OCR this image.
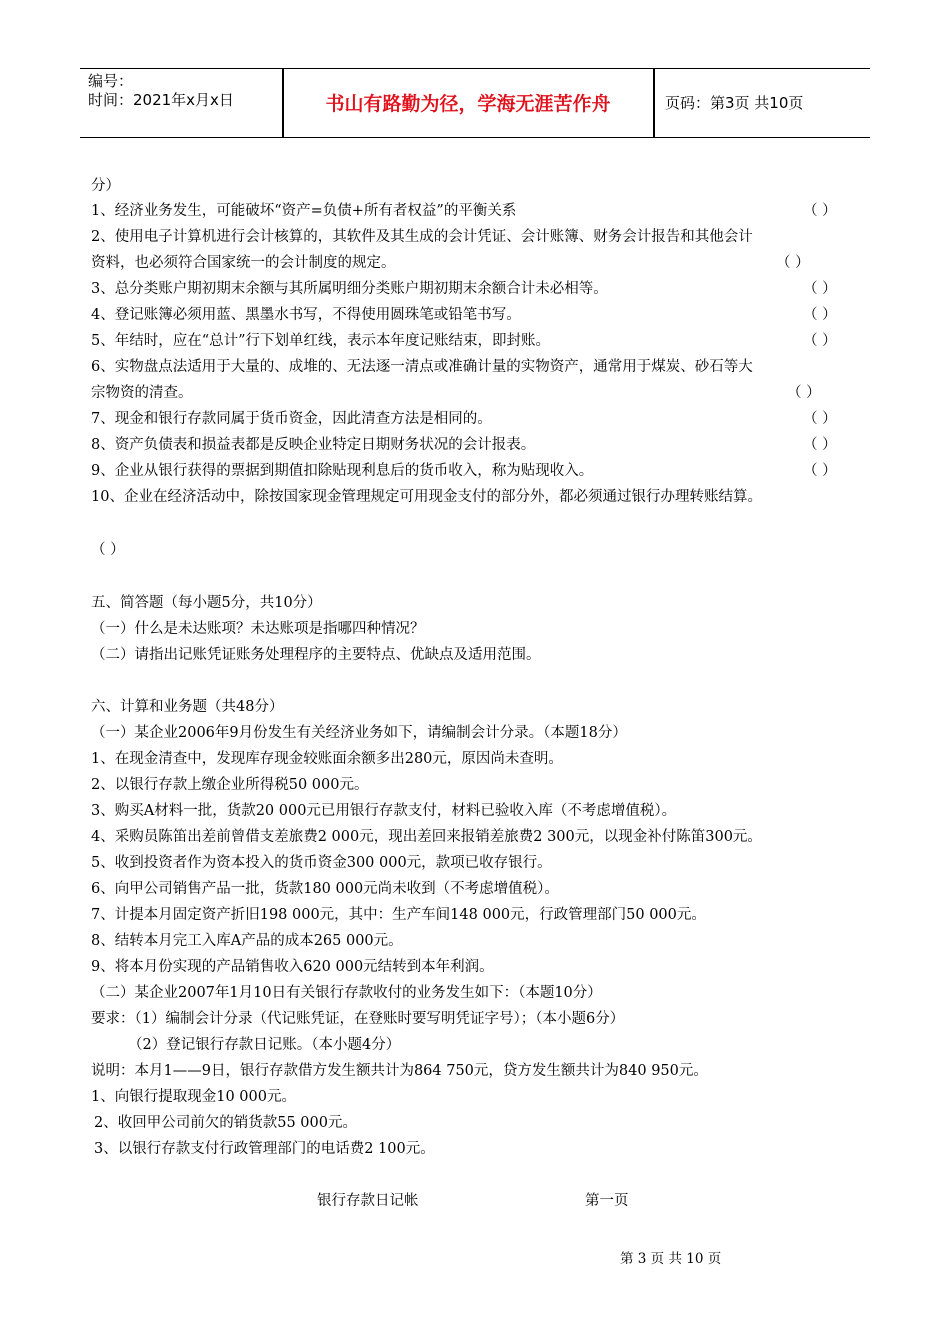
编号：
时间：2021年x月x日	书山有路勤为径，学海无涯苦作舟	页码：第3页 共10页
分）
1、经济业务发生，可能破坏“资产=负债+所有者权益”的平衡关系	（ ）
2、使用电子计算机进行会计核算的，其软件及其生成的会计凭证、会计账簿、财务会计报告和其他会计
资料，也必须符合国家统一的会计制度的规定。	（ ）
3、总分类账户期初期末余额与其所属明细分类账户期初期末余额合计未必相等。	（ ）
4、登记账簿必须用蓝、黑墨水书写，不得使用圆珠笔或铅笔书写。	（ ）
5、年结时，应在“总计”行下划单红线，表示本年度记账结束，即封账。	（ ）
6、实物盘点法适用于大量的、成堆的、无法逐一清点或准确计量的实物资产，通常用于煤炭、砂石等大
宗物资的清查。	（ ）
7、现金和银行存款同属于货币资金，因此清查方法是相同的。	（ ）
8、资产负债表和损益表都是反映企业特定日期财务状况的会计报表。	（ ）
9、企业从银行获得的票据到期值扣除贴现利息后的货币收入，称为贴现收入。	（ ）
10、企业在经济活动中，除按国家现金管理规定可用现金支付的部分外，都必须通过银行办理转账结算。
（ ）
五、简答题（每小题5分，共10分）
（一）什么是未达账项？未达账项是指哪四种情况？
（二）请指出记账凭证账务处理程序的主要特点、优缺点及适用范围。
六、计算和业务题（共48分）
（一）某企业2006年9月份发生有关经济业务如下，请编制会计分录。（本题18分）
1、在现金清查中，发现库存现金较账面余额多出280元，原因尚未查明。
2、以银行存款上缴企业所得税50 000元。
3、购买A材料一批，货款20 000元已用银行存款支付，材料已验收入库（不考虑增值税）。
4、采购员陈笛出差前曾借支差旅费2 000元，现出差回来报销差旅费2 300元，以现金补付陈笛300元。
5、收到投资者作为资本投入的货币资金300 000元，款项已收存银行。
6、向甲公司销售产品一批，货款180 000元尚未收到（不考虑增值税）。
7、计提本月固定资产折旧198 000元，其中：生产车间148 000元，行政管理部门50 000元。
8、结转本月完工入库A产品的成本265 000元。
9、将本月份实现的产品销售收入620 000元结转到本年利润。
（二）某企业2007年1月10日有关银行存款收付的业务发生如下：（本题10分）
要求：（1）编制会计分录（代记账凭证，在登账时要写明凭证字号）；（本小题6分）
（2）登记银行存款日记账。（本小题4分）
说明：本月1——9日，银行存款借方发生额共计为864 750元，贷方发生额共计为840 950元。
1、向银行提取现金10 000元。
2、收回甲公司前欠的销货款55 000元。
3、以银行存款支付行政管理部门的电话费2 100元。
银行存款日记帐	第一页
第 3 页 共 10 页
